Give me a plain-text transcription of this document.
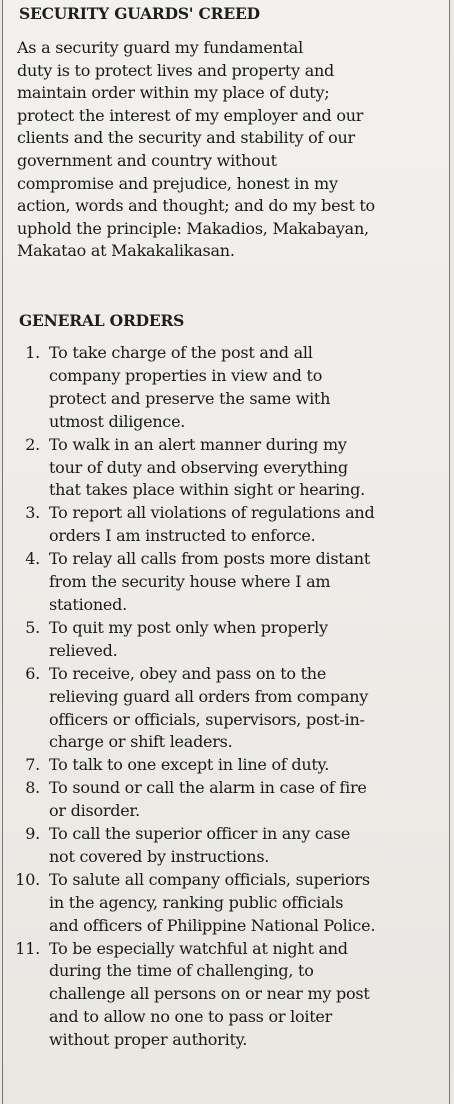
SECURITY GUARDS' CREED

As a security guard my fundamental
duty is to protect lives and property and
maintain order within my place of duty;
protect the interest of my employer and our
clients and the security and stability of our
government and country without
compromise and prejudice, honest in my
action, words and thought; and do my best to
uphold the principle: Makadios, Makabayan,
Makatao at Makakalikasan.

GENERAL ORDERS
1. To take charge of the post and all
company properties in view and to
protect and preserve the same with
utmost diligence.
2. To walk in an alert manner during my
tour of duty and observing everything
that takes place within sight or hearing.
3. To report all violations of regulations and
orders I am instructed to enforce.
4. To relay all calls from posts more distant
from the security house where I am
stationed.
5. To quit my post only when properly
relieved.
6. To receive, obey and pass on to the
relieving guard all orders from company
officers or officials, supervisors, post-in-
charge or shift leaders.
7. To talk to one except in line of duty.
8. To sound or call the alarm in case of fire
or disorder.
9. To call the superior officer in any case
not covered by instructions.
10. To salute all company officials, superiors
in the agency, ranking public officials
and officers of Philippine National Police.
11. To be especially watchful at night and
during the time of challenging, to
challenge all persons on or near my post
and to allow no one to pass or loiter
without proper authority.
